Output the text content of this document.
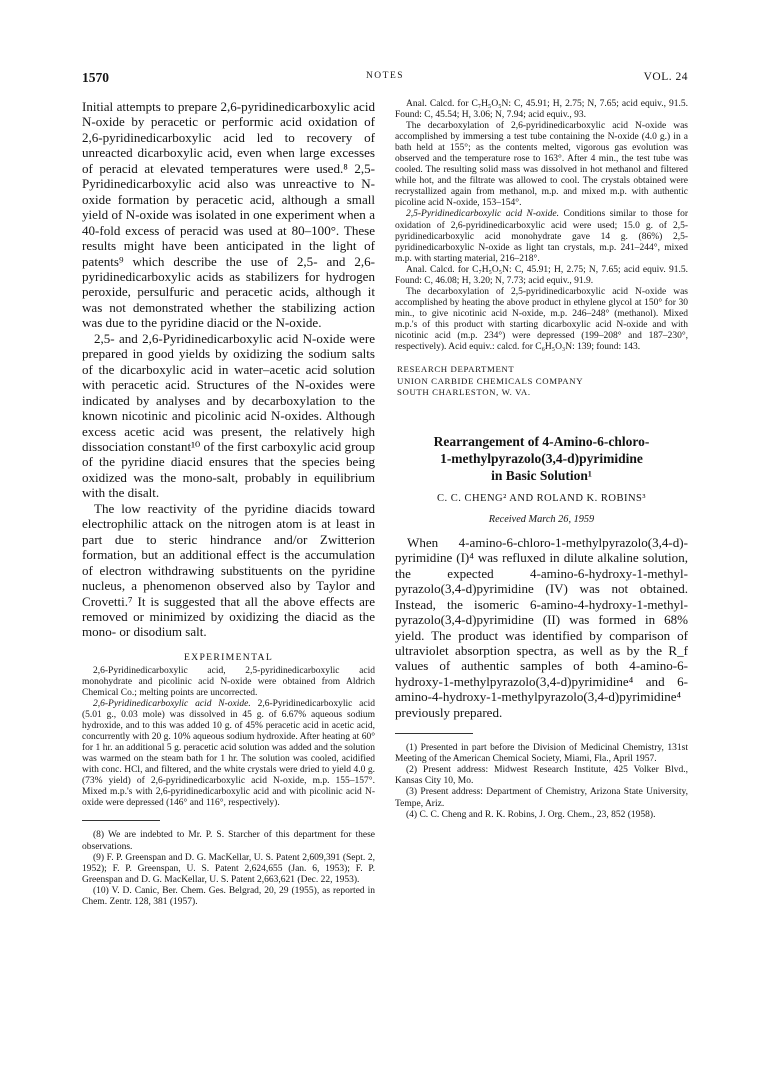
1570	NOTES	VOL. 24

Initial attempts to prepare 2,6-pyridinedicarboxylic acid N-oxide by peracetic or performic acid oxidation of 2,6-pyridinedicarboxylic acid led to recovery of unreacted dicarboxylic acid, even when large excesses of peracid at elevated temperatures were used.⁸ 2,5-Pyridinedicarboxylic acid also was unreactive to N-oxide formation by peracetic acid, although a small yield of N-oxide was isolated in one experiment when a 40-fold excess of peracid was used at 80–100°. These results might have been anticipated in the light of patents⁹ which describe the use of 2,5- and 2,6-pyridinedicarboxylic acids as stabilizers for hydrogen peroxide, persulfuric and peracetic acids, although it was not demonstrated whether the stabilizing action was due to the pyridine diacid or the N-oxide.

2,5- and 2,6-Pyridinedicarboxylic acid N-oxide were prepared in good yields by oxidizing the sodium salts of the dicarboxylic acid in water–acetic acid solution with peracetic acid. Structures of the N-oxides were indicated by analyses and by decarboxylation to the known nicotinic and picolinic acid N-oxides. Although excess acetic acid was present, the relatively high dissociation constant¹⁰ of the first carboxylic acid group of the pyridine diacid ensures that the species being oxidized was the mono-salt, probably in equilibrium with the disalt.

The low reactivity of the pyridine diacids toward electrophilic attack on the nitrogen atom is at least in part due to steric hindrance and/or Zwitterion formation, but an additional effect is the accumulation of electron withdrawing substituents on the pyridine nucleus, a phenomenon observed also by Taylor and Crovetti.⁷ It is suggested that all the above effects are removed or minimized by oxidizing the diacid as the mono- or disodium salt.

EXPERIMENTAL

2,6-Pyridinedicarboxylic acid, 2,5-pyridinedicarboxylic acid monohydrate and picolinic acid N-oxide were obtained from Aldrich Chemical Co.; melting points are uncorrected.

2,6-Pyridinedicarboxylic acid N-oxide. 2,6-Pyridinedicarboxylic acid (5.01 g., 0.03 mole) was dissolved in 45 g. of 6.67% aqueous sodium hydroxide, and to this was added 10 g. of 45% peracetic acid in acetic acid, concurrently with 20 g. 10% aqueous sodium hydroxide. After heating at 60° for 1 hr. an additional 5 g. peracetic acid solution was added and the solution was warmed on the steam bath for 1 hr. The solution was cooled, acidified with conc. HCl, and filtered, and the white crystals were dried to yield 4.0 g. (73% yield) of 2,6-pyridinedicarboxylic acid N-oxide, m.p. 155–157°. Mixed m.p.'s with 2,6-pyridinedicarboxylic acid and with picolinic acid N-oxide were depressed (146° and 116°, respectively).

(8) We are indebted to Mr. P. S. Starcher of this department for these observations.

(9) F. P. Greenspan and D. G. MacKellar, U. S. Patent 2,609,391 (Sept. 2, 1952); F. P. Greenspan, U. S. Patent 2,624,655 (Jan. 6, 1953); F. P. Greenspan and D. G. MacKellar, U. S. Patent 2,663,621 (Dec. 22, 1953).

(10) V. D. Canic, Ber. Chem. Ges. Belgrad, 20, 29 (1955), as reported in Chem. Zentr. 128, 381 (1957).

Anal. Calcd. for C₇H₅O₅N: C, 45.91; H, 2.75; N, 7.65; acid equiv., 91.5. Found: C, 45.54; H, 3.06; N, 7.94; acid equiv., 93.

The decarboxylation of 2,6-pyridinedicarboxylic acid N-oxide was accomplished by immersing a test tube containing the N-oxide (4.0 g.) in a bath held at 155°; as the contents melted, vigorous gas evolution was observed and the temperature rose to 163°. After 4 min., the test tube was cooled. The resulting solid mass was dissolved in hot methanol and filtered while hot, and the filtrate was allowed to cool. The crystals obtained were recrystallized again from methanol, m.p. and mixed m.p. with authentic picoline acid N-oxide, 153–154°.

2,5-Pyridinedicarboxylic acid N-oxide. Conditions similar to those for oxidation of 2,6-pyridinedicarboxylic acid were used; 15.0 g. of 2,5-pyridinedicarboxylic acid monohydrate gave 14 g. (86%) 2,5-pyridinedicarboxylic N-oxide as light tan crystals, m.p. 241–244°, mixed m.p. with starting material, 216–218°.

Anal. Calcd. for C₇H₅O₅N: C, 45.91; H, 2.75; N, 7.65; acid equiv. 91.5. Found: C, 46.08; H, 3.20; N, 7.73; acid equiv., 91.9.

The decarboxylation of 2,5-pyridinedicarboxylic acid N-oxide was accomplished by heating the above product in ethylene glycol at 150° for 30 min., to give nicotinic acid N-oxide, m.p. 246–248° (methanol). Mixed m.p.'s of this product with starting dicarboxylic acid N-oxide and with nicotinic acid (m.p. 234°) were depressed (199–208° and 187–230°, respectively). Acid equiv.: calcd. for C₆H₅O₃N: 139; found: 143.

RESEARCH DEPARTMENT
UNION CARBIDE CHEMICALS COMPANY
SOUTH CHARLESTON, W. VA.

Rearrangement of 4-Amino-6-chloro-

1-methylpyrazolo(3,4-d)pyrimidine

in Basic Solution¹

C. C. CHENG² AND ROLAND K. ROBINS³

Received March 26, 1959

When 4-amino-6-chloro-1-methylpyrazolo(3,4-d)-pyrimidine (I)⁴ was refluxed in dilute alkaline solution, the expected 4-amino-6-hydroxy-1-methyl-pyrazolo(3,4-d)pyrimidine (IV) was not obtained. Instead, the isomeric 6-amino-4-hydroxy-1-methyl-pyrazolo(3,4-d)pyrimidine (II) was formed in 68% yield. The product was identified by comparison of ultraviolet absorption spectra, as well as by the R_f values of authentic samples of both 4-amino-6-hydroxy-1-methylpyrazolo(3,4-d)pyrimidine⁴ and 6-amino-4-hydroxy-1-methylpyrazolo(3,4-d)pyrimidine⁴ previously prepared.

(1) Presented in part before the Division of Medicinal Chemistry, 131st Meeting of the American Chemical Society, Miami, Fla., April 1957.

(2) Present address: Midwest Research Institute, 425 Volker Blvd., Kansas City 10, Mo.

(3) Present address: Department of Chemistry, Arizona State University, Tempe, Ariz.

(4) C. C. Cheng and R. K. Robins, J. Org. Chem., 23, 852 (1958).
